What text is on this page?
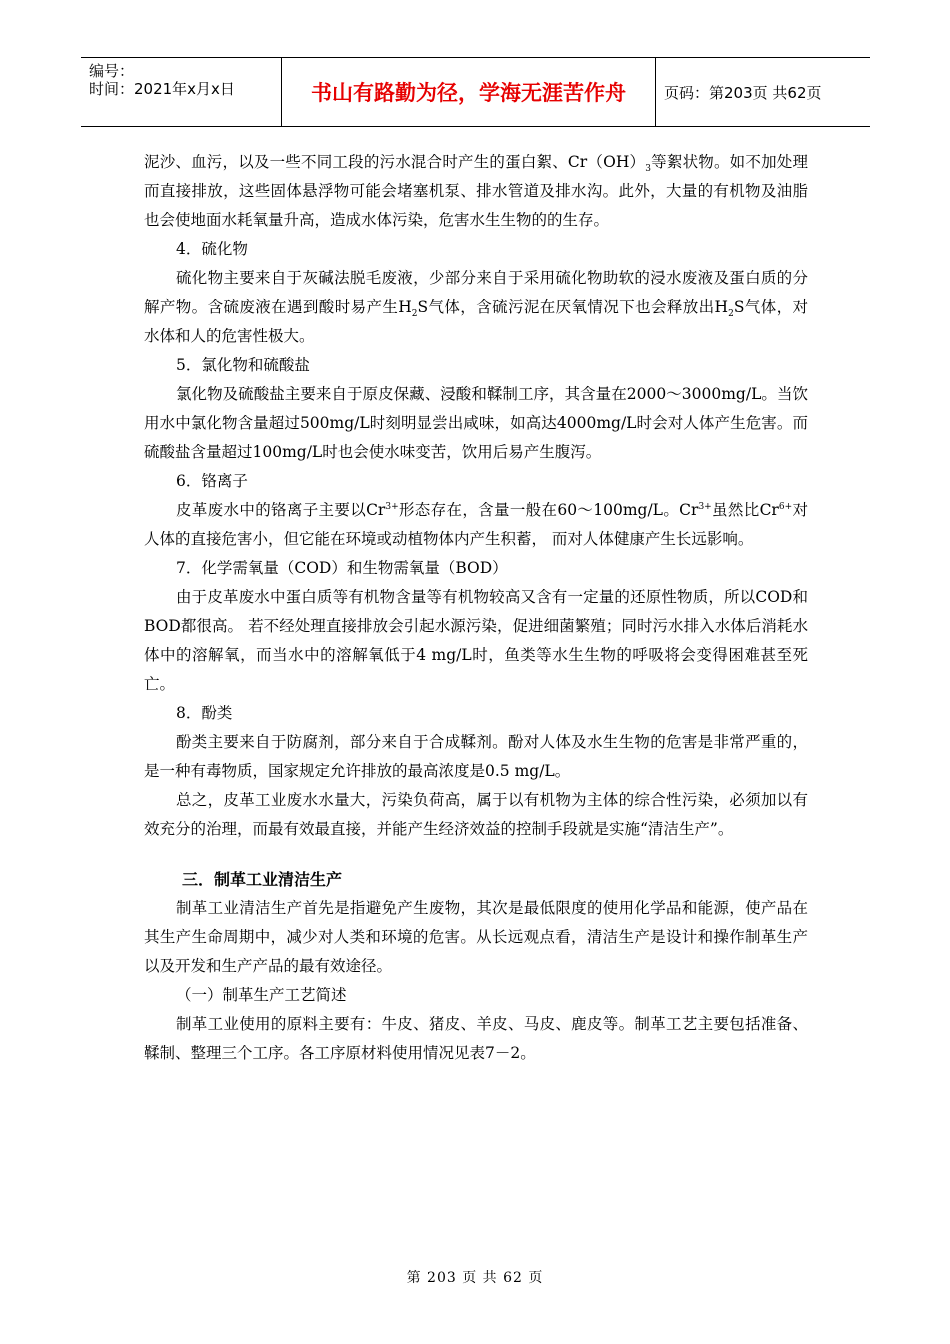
编号：
时间：2021年x月x日	书山有路勤为径，学海无涯苦作舟	页码：第203页 共62页

泥沙、血污，以及一些不同工段的污水混合时产生的蛋白絮、$Cr(OH)_3$等絮状物。如不加处理而直接排放，这些固体悬浮物可能会堵塞机泵、排水管道及排水沟。此外，大量的有机物及油脂也会使地面水耗氧量升高，造成水体污染，危害水生生物的的生存。

4．硫化物

硫化物主要来自于灰碱法脱毛废液，少部分来自于采用硫化物助软的浸水废液及蛋白质的分解产物。含硫废液在遇到酸时易产生$H_2S$气体，含硫污泥在厌氧情况下也会释放出$H_2S$气体，对水体和人的危害性极大。

5．氯化物和硫酸盐

氯化物及硫酸盐主要来自于原皮保藏、浸酸和鞣制工序，其含量在2000～3000mg/L。当饮用水中氯化物含量超过500mg/L时刻明显尝出咸味，如高达4000mg/L时会对人体产生危害。而硫酸盐含量超过100mg/L时也会使水味变苦，饮用后易产生腹泻。

6．铬离子

皮革废水中的铬离子主要以$Cr^{3+}$形态存在，含量一般在60～100mg/L。$Cr^{3+}$虽然比$Cr^{6+}$对人体的直接危害小，但它能在环境或动植物体内产生积蓄， 而对人体健康产生长远影响。

7．化学需氧量（COD）和生物需氧量（BOD）

由于皮革废水中蛋白质等有机物含量等有机物较高又含有一定量的还原性物质，所以COD和BOD都很高。 若不经处理直接排放会引起水源污染，促进细菌繁殖；同时污水排入水体后消耗水体中的溶解氧，而当水中的溶解氧低于4 mg/L时，鱼类等水生生物的呼吸将会变得困难甚至死亡。

8．酚类

酚类主要来自于防腐剂，部分来自于合成鞣剂。酚对人体及水生生物的危害是非常严重的，是一种有毒物质，国家规定允许排放的最高浓度是0.5 mg/L。

总之，皮革工业废水水量大，污染负荷高，属于以有机物为主体的综合性污染，必须加以有效充分的治理，而最有效最直接，并能产生经济效益的控制手段就是实施“清洁生产”。

三．制革工业清洁生产

制革工业清洁生产首先是指避免产生废物，其次是最低限度的使用化学品和能源，使产品在其生产生命周期中，减少对人类和环境的危害。从长远观点看，清洁生产是设计和操作制革生产以及开发和生产产品的最有效途径。

（一）制革生产工艺简述

制革工业使用的原料主要有：牛皮、猪皮、羊皮、马皮、鹿皮等。制革工艺主要包括准备、鞣制、整理三个工序。各工序原材料使用情况见表7－2。

第 203 页 共 62 页
